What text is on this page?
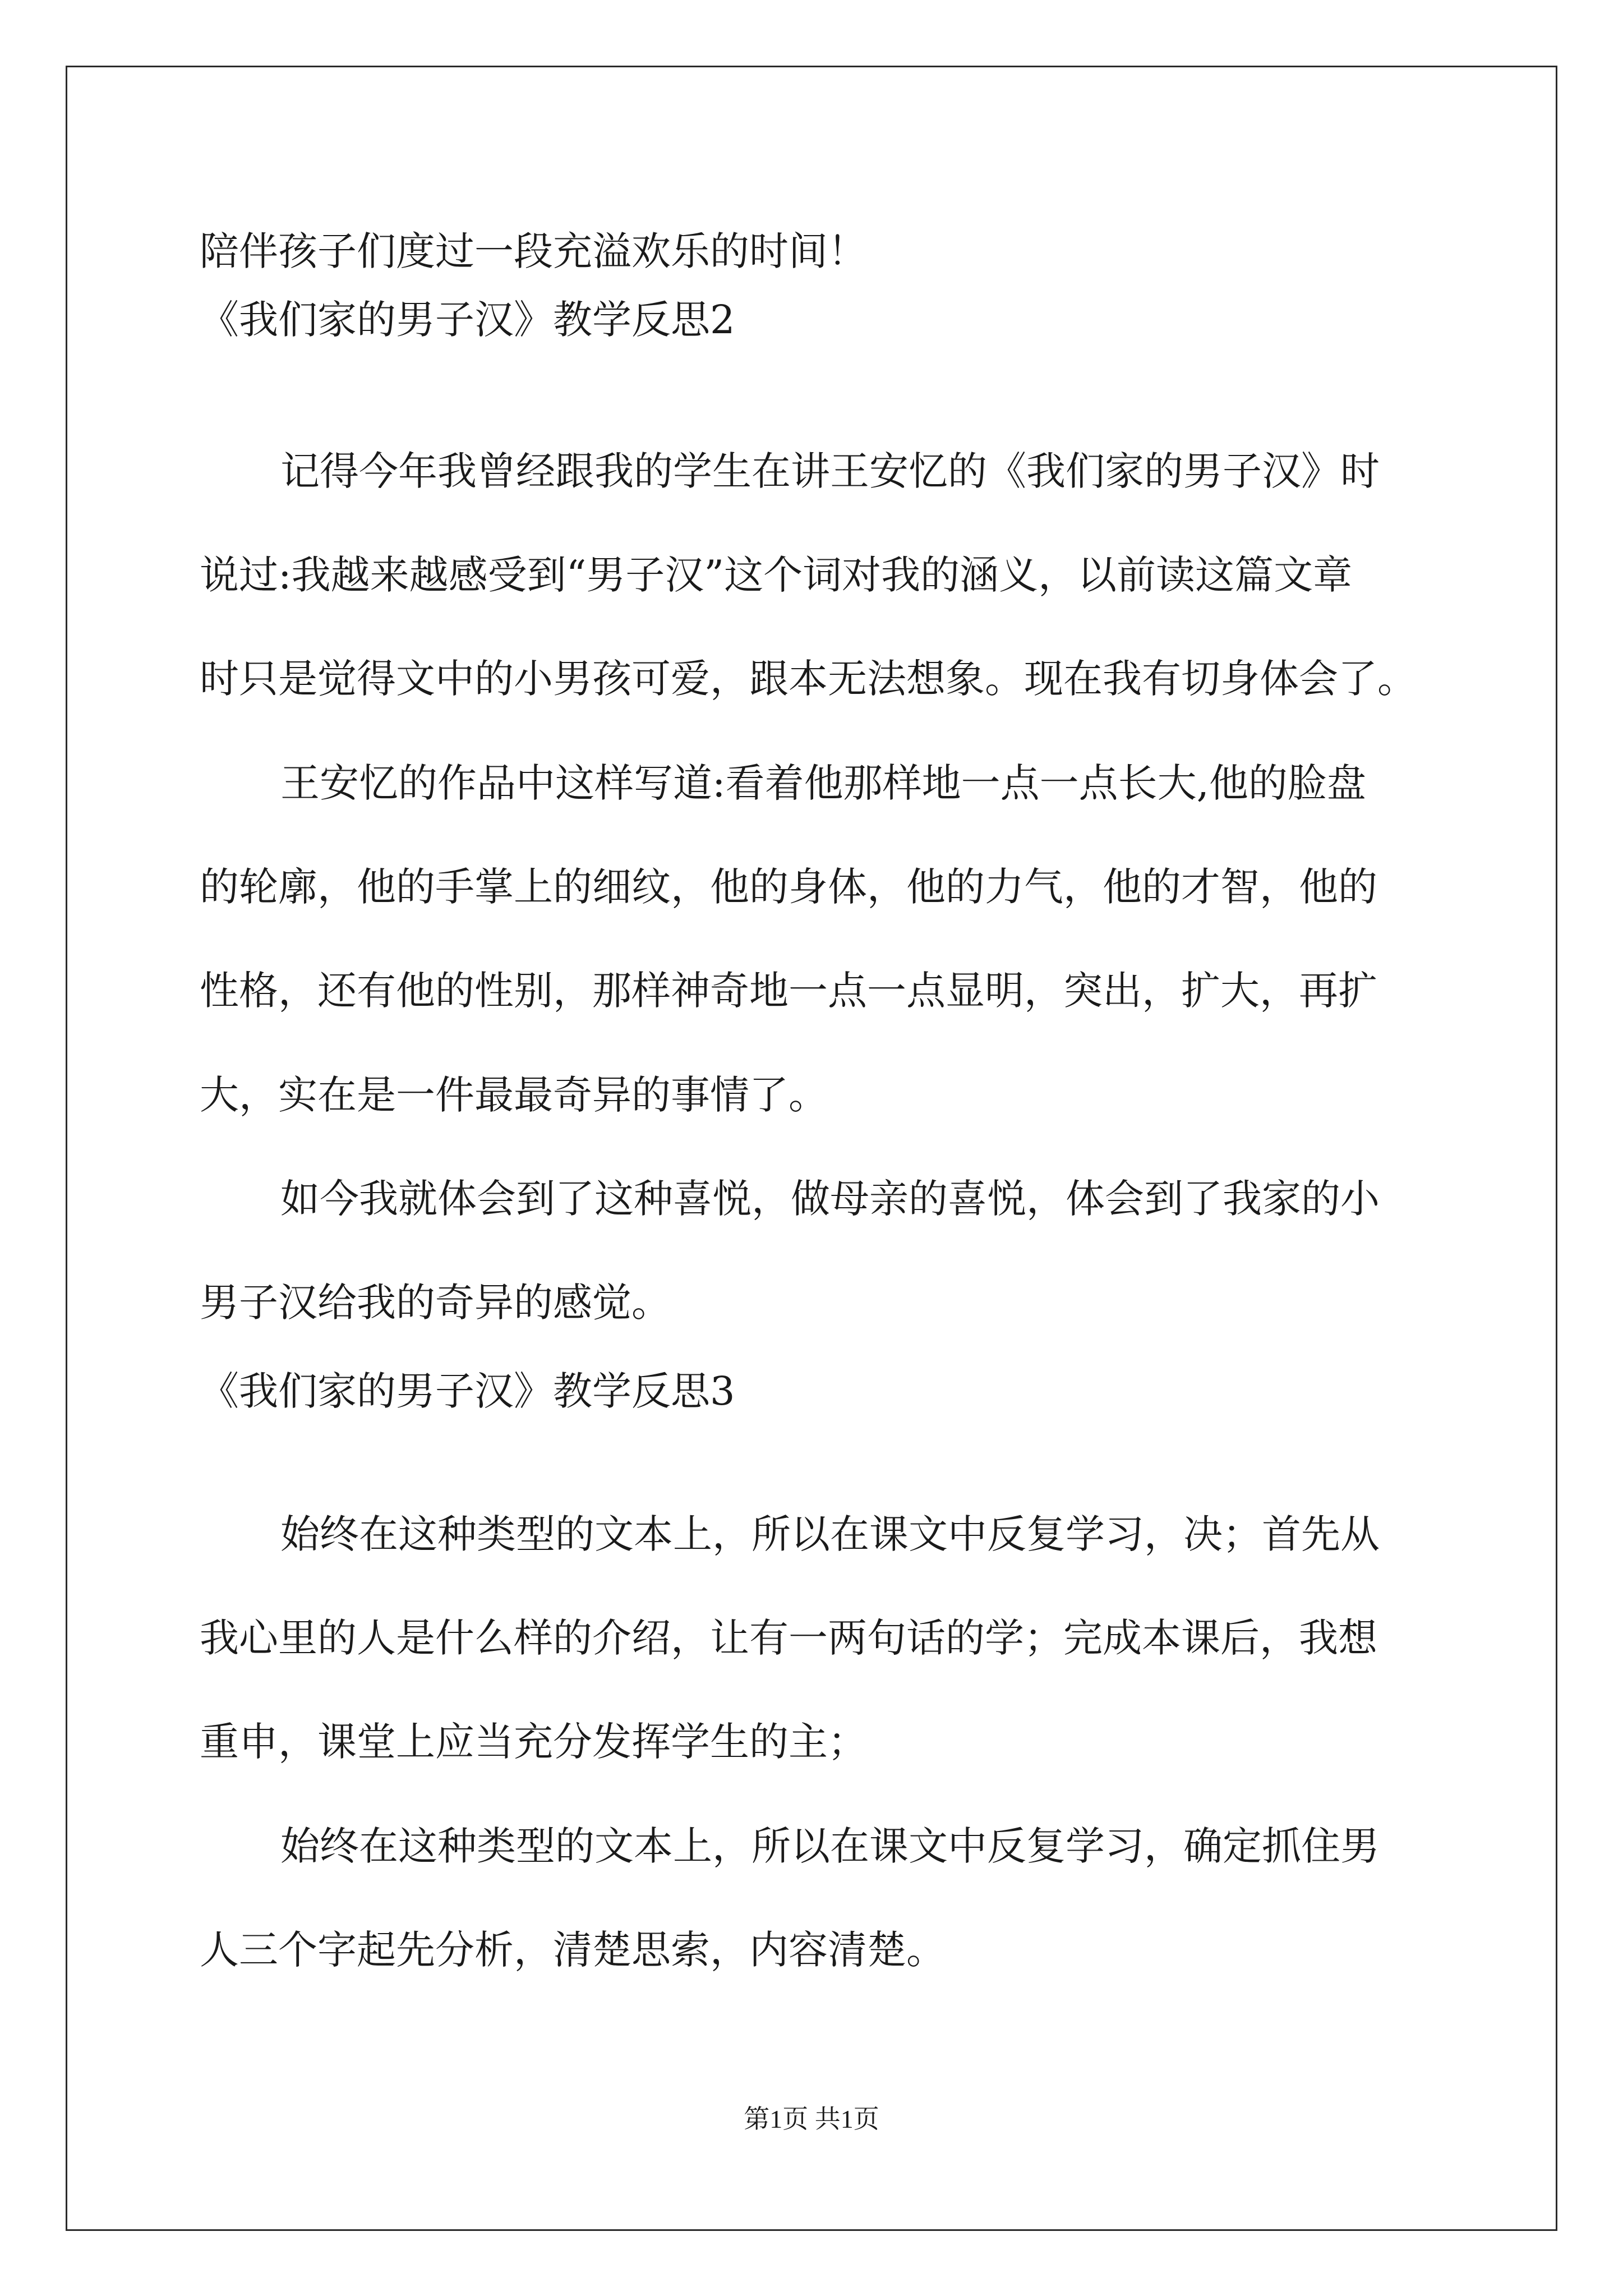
陪伴孩子们度过一段充溢欢乐的时间！
《我们家的男子汉》教学反思2
记得今年我曾经跟我的学生在讲王安忆的《我们家的男子汉》时
说过:我越来越感受到“男子汉”这个词对我的涵义，以前读这篇文章
时只是觉得文中的小男孩可爱，跟本无法想象。现在我有切身体会了。
王安忆的作品中这样写道:看着他那样地一点一点长大,他的脸盘
的轮廓，他的手掌上的细纹，他的身体，他的力气，他的才智，他的
性格，还有他的性别，那样神奇地一点一点显明，突出，扩大，再扩
大，实在是一件最最奇异的事情了。
如今我就体会到了这种喜悦，做母亲的喜悦，体会到了我家的小
男子汉给我的奇异的感觉。
《我们家的男子汉》教学反思3
始终在这种类型的文本上，所以在课文中反复学习，决；首先从
我心里的人是什么样的介绍，让有一两句话的学；完成本课后，我想
重申，课堂上应当充分发挥学生的主；
始终在这种类型的文本上，所以在课文中反复学习，确定抓住男
人三个字起先分析，清楚思索，内容清楚。
第1页 共1页
